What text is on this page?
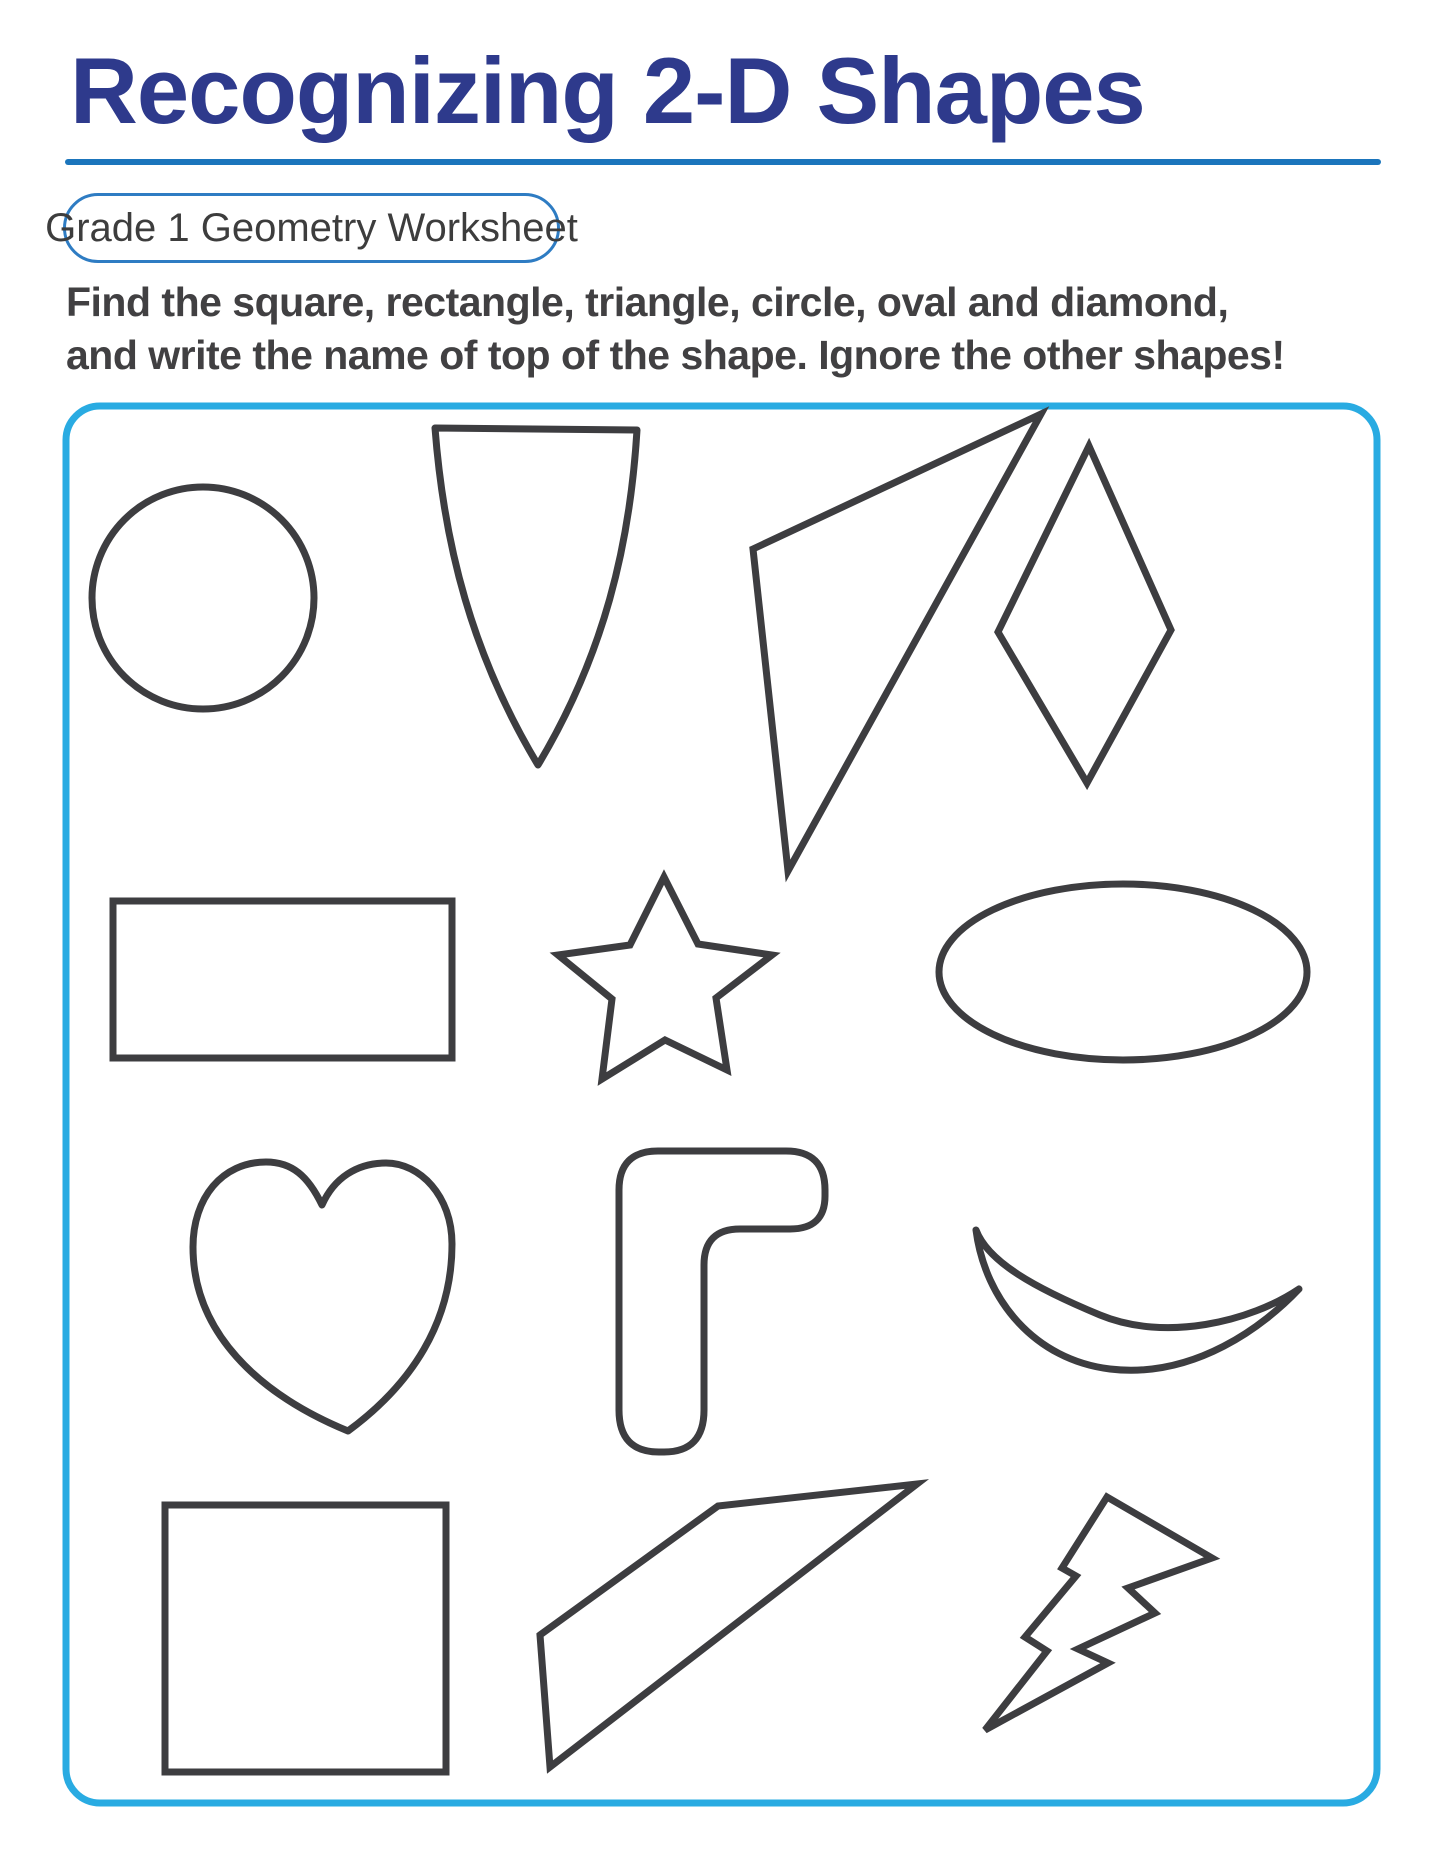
Recognizing 2-D Shapes
Grade 1 Geometry Worksheet
Find the square, rectangle, triangle, circle, oval and diamond,
and write the name of top of the shape. Ignore the other shapes!
